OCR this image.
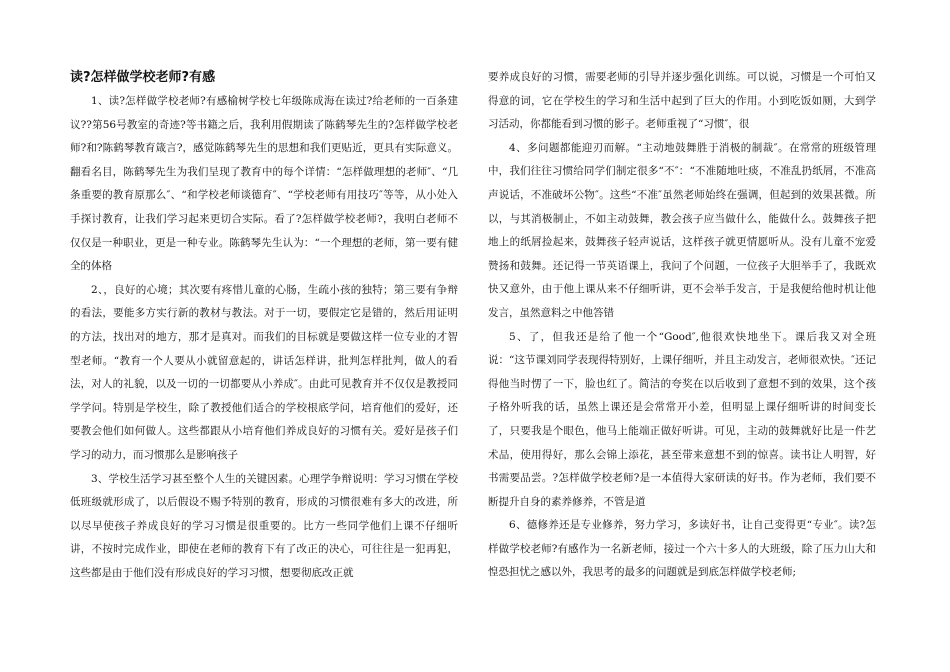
读?怎样做学校老师?有感

1、读?怎样做学校老师?有感榆树学校七年级陈成海在读过?给老师的一百条建议??第56号教室的奇迹?等书籍之后，我利用假期读了陈鹤琴先生的?怎样做学校老师?和?陈鹤琴教育箴言?，感觉陈鹤琴先生的思想和我们更贴近，更具有实际意义。翻看名目，陈鹤琴先生为我们呈现了教育中的每个详情：“怎样做理想的老师″、“几条重要的教育原那么″、“和学校老师谈德育″、“学校老师有用技巧″等等，从小处入手探讨教育，让我们学习起来更切合实际。看了?怎样做学校老师?，我明白老师不仅仅是一种职业，更是一种专业。陈鹤琴先生认为：“一个理想的老师，第一要有健全的体格

2、，良好的心境；其次要有疼惜儿童的心肠，生疏小孩的独特；第三要有争辩的看法，要能多方实行新的教材与教法。对于一切，要假定它是错的，然后用证明的方法，找出对的地方，那才是真对。而我们的目标就是要做这样一位专业的才智型老师。“教育一个人要从小就留意起的，讲话怎样讲，批判怎样批判，做人的看法，对人的礼貌，以及一切的一切都要从小养成″。由此可见教育并不仅仅是教授同学学问。特别是学校生，除了教授他们适合的学校根底学问，培育他们的爱好，还要教会他们如何做人。这些都跟从小培育他们养成良好的习惯有关。爱好是孩子们学习的动力，而习惯那么是影响孩子

3、学校生活学习甚至整个人生的关键因素。心理学争辩说明：学习习惯在学校低班级就形成了，以后假设不赐予特别的教育，形成的习惯很难有多大的改进，所以尽早使孩子养成良好的学习习惯是很重要的。比方一些同学他们上课不仔细听讲，不按时完成作业，即使在老师的教育下有了改正的决心，可往往是一犯再犯，这些都是由于他们没有形成良好的学习习惯，想要彻底改正就

要养成良好的习惯，需要老师的引导并逐步强化训练。可以说，习惯是一个可怕又得意的词，它在学校生的学习和生活中起到了巨大的作用。小到吃饭如厕，大到学习活动，你都能看到习惯的影子。老师重视了“习惯″，很

4、多问题都能迎刃而解。“主动地鼓舞胜于消极的制裁″。在常常的班级管理中，我们往往习惯给同学们制定很多“不″：“不准随地吐痰，不准乱扔纸屑，不准高声说话，不准破坏公物″。这些“不准″虽然老师始终在强调，但起到的效果甚微。所以，与其消极制止，不如主动鼓舞，教会孩子应当做什么，能做什么。鼓舞孩子把地上的纸屑捡起来，鼓舞孩子轻声说话，这样孩子就更情愿听从。没有儿童不宠爱赞扬和鼓舞。还记得一节英语课上，我问了个问题，一位孩子大胆举手了，我既欢快又意外，由于他上课从来不仔细听讲，更不会举手发言，于是我便给他时机让他发言，虽然意料之中他答错

5、了，但我还是给了他一个“Good″,他很欢快地坐下。课后我又对全班说：“这节课刘同学表现得特别好，上课仔细听，并且主动发言，老师很欢快。″还记得他当时愣了一下，脸也红了。简洁的夸奖在以后收到了意想不到的效果，这个孩子格外听我的话，虽然上课还是会常常开小差，但明显上课仔细听讲的时间变长了，只要我是个眼色，他马上能端正做好听讲。可见，主动的鼓舞就好比是一件艺术品，使用得好，那么会锦上添花，甚至带来意想不到的惊喜。读书让人明智，好书需要品尝。?怎样做学校老师?是一本值得大家研读的好书。作为老师，我们要不断提升自身的素养修养，不管是道

6、德修养还是专业修养，努力学习，多读好书，让自己变得更“专业″。读?怎样做学校老师?有感作为一名新老师，接过一个六十多人的大班级，除了压力山大和惶恐担忧之感以外，我思考的最多的问题就是到底怎样做学校老师;
